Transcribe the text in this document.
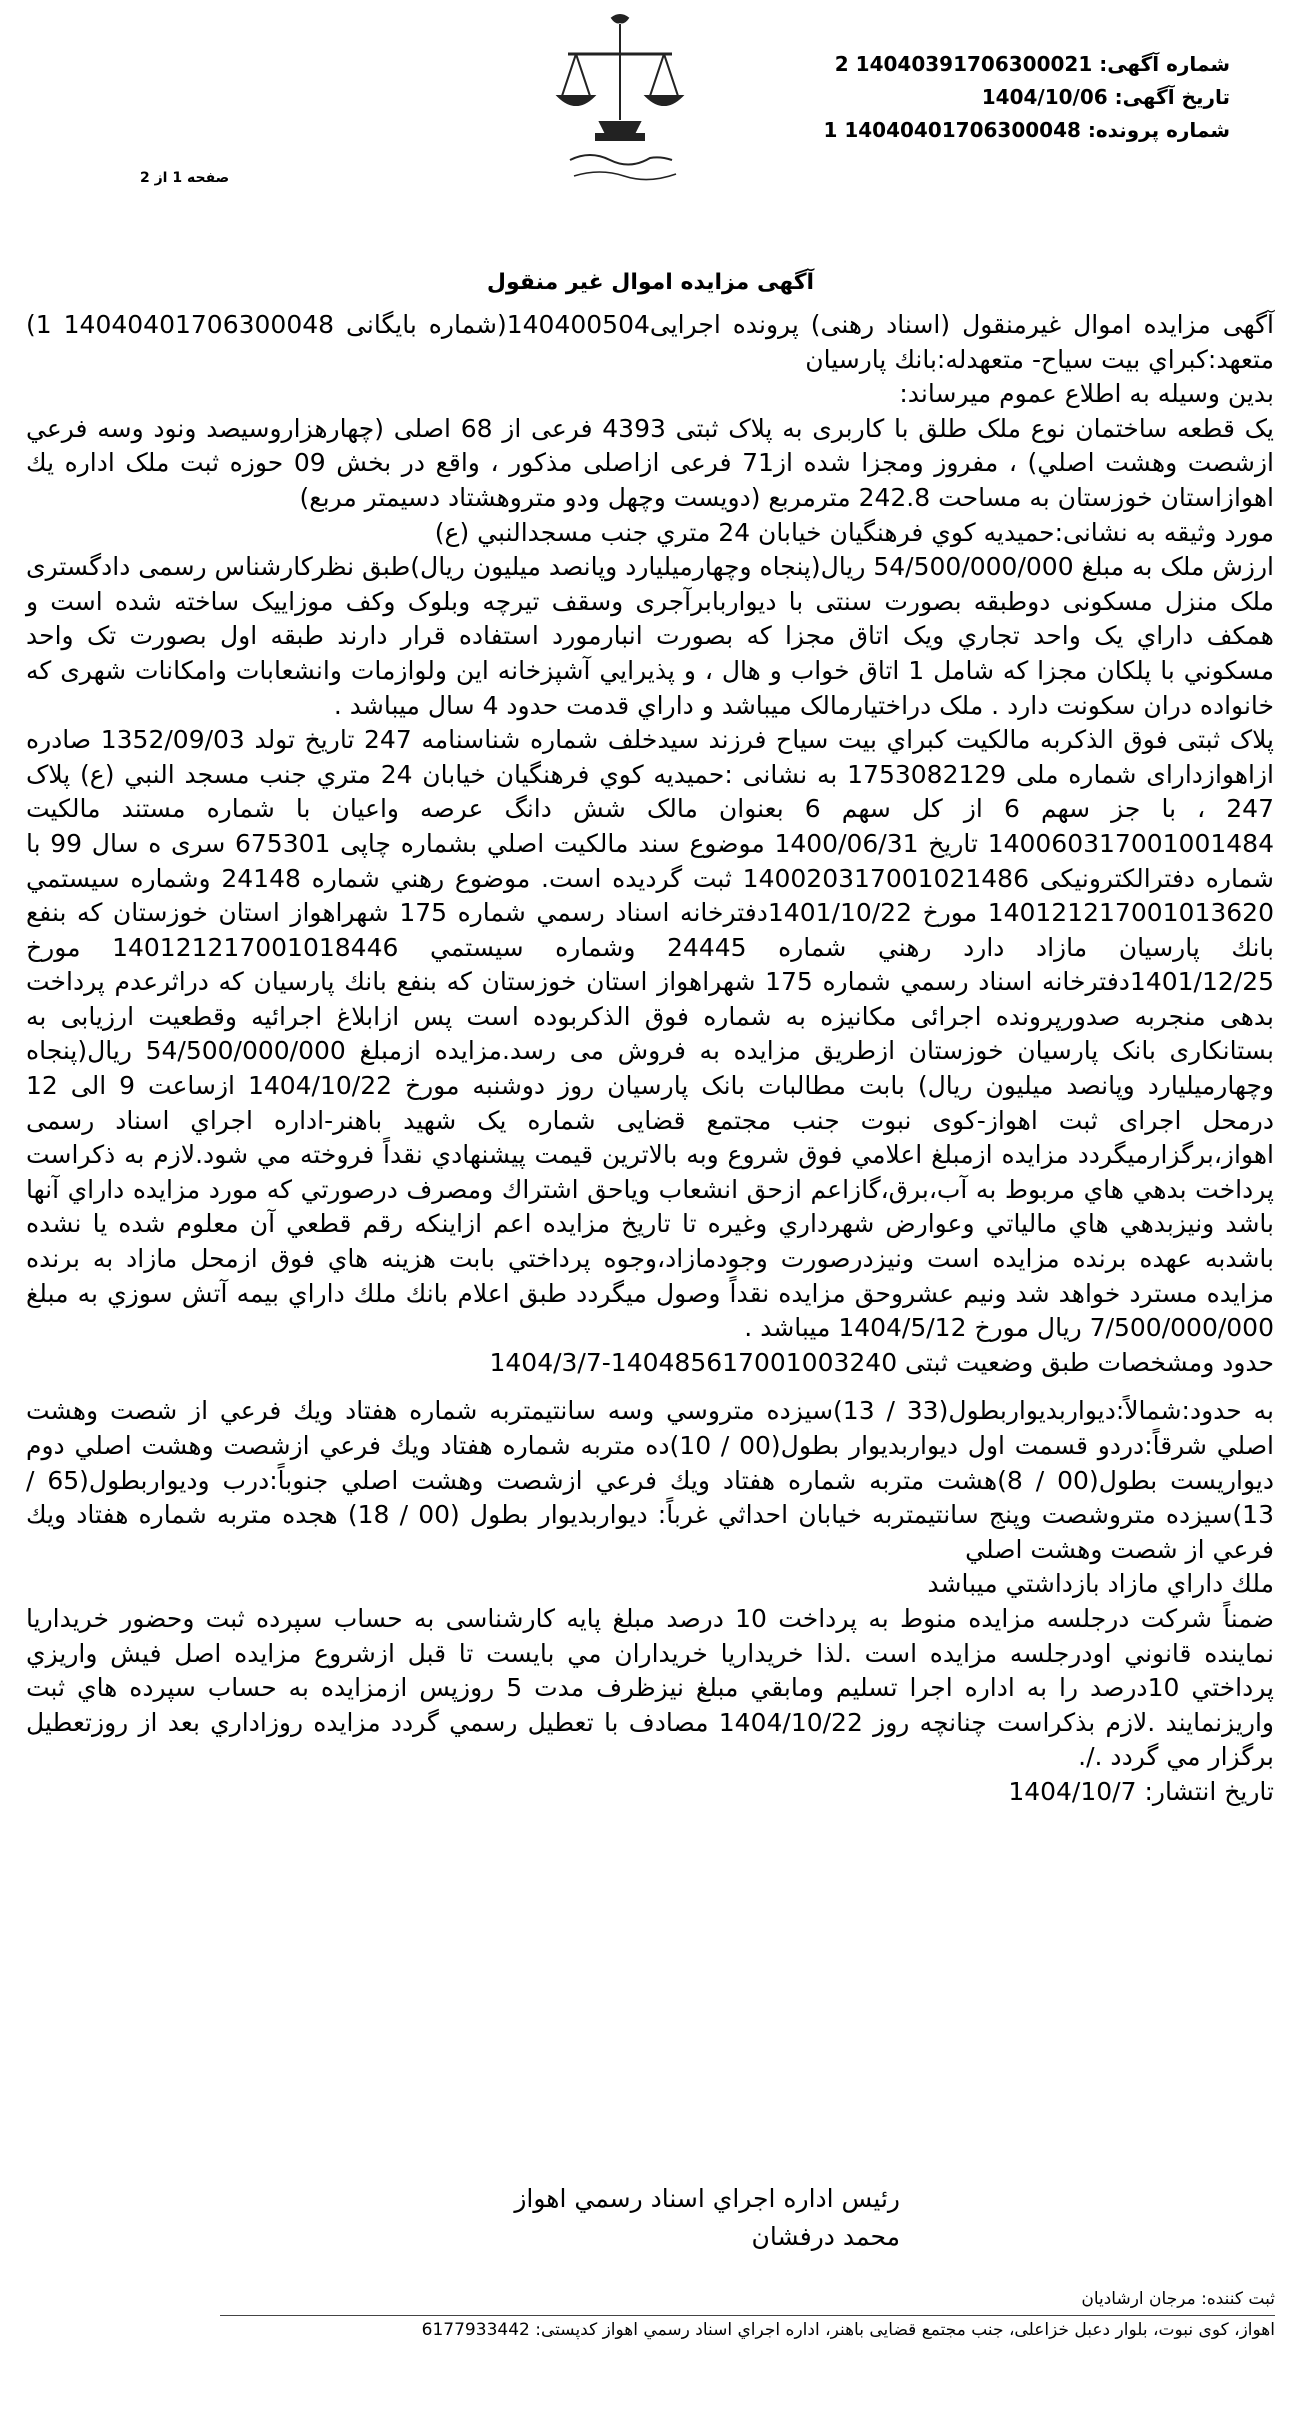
شماره آگهی: 14040391706300021 2
تاریخ آگهی: 1404/10/06
شماره پرونده: 14040401706300048 1
صفحه 1 از 2
آگهی مزایده اموال غیر منقول

آگهی مزایده اموال غیرمنقول (اسناد رهنی) پرونده اجرایی140400504(شماره بایگانی 14040401706300048 1) متعهد:کبراي بيت سياح- متعهدله:بانك پارسيان

بدین وسیله به اطلاع عموم میرساند:

یک قطعه ساختمان نوع ملک طلق با کاربری به پلاک ثبتی 4393 فرعی از 68 اصلی (چهارهزاروسیصد ونود وسه فرعي ازشصت وهشت اصلي) ، مفروز ومجزا شده از71 فرعی ازاصلی مذكور ، واقع در بخش 09 حوزه ثبت ملک اداره يك اهوازاستان خوزستان به مساحت 242.8 مترمربع (دويست وچهل ودو متروهشتاد دسيمتر مربع)

مورد وثیقه به نشانی:حمیدیه كوي فرهنگيان خيابان 24 متري جنب مسجدالنبي (ع)

ارزش ملک به مبلغ 54/500/000/000 ريال(پنجاه وچهارميليارد وپانصد ميليون ريال)طبق نظرکارشناس رسمی دادگستری ملک منزل مسکونی دوطبقه بصورت سنتی با دیواربابرآجری وسقف تیرچه وبلوک وکف موزاییک ساخته شده است و همکف داراي يک واحد تجاري ويک اتاق مجزا که بصورت انبارمورد استفاده قرار دارند طبقه اول بصورت تک واحد مسکوني با پلکان مجزا که شامل 1 اتاق خواب و هال ، و پذيرايي آشپزخانه این ولوازمات وانشعابات وامکانات شهری که خانواده دران سکونت دارد . ملک دراختیارمالک میباشد و داراي قدمت حدود 4 سال میباشد .

پلاک ثبتی فوق الذکربه مالکیت کبراي بيت سياح فرزند سیدخلف شماره شناسنامه 247 تاریخ تولد 1352/09/03 صادره ازاهوازدارای شماره ملی 1753082129 به نشانی :حمیدیه كوي فرهنگيان خيابان 24 متري جنب مسجد النبي (ع) پلاک 247 ، با جز سهم 6 از کل سهم 6 بعنوان مالک شش دانگ عرصه واعيان با شماره مستند مالکیت 140060317001001484 تاريخ 1400/06/31 موضوع سند مالکیت اصلي بشماره چاپی 675301 سری ه سال 99 با شماره دفترالکترونیکی 140020317001021486 ثبت گردیده است. موضوع رهني شماره 24148 وشماره سيستمي 140121217001013620 مورخ 1401/10/22دفترخانه اسناد رسمي شماره 175 شهراهواز استان خوزستان که بنفع بانك پارسيان مازاد دارد رهني شماره 24445 وشماره سيستمي 140121217001018446 مورخ 1401/12/25دفترخانه اسناد رسمي شماره 175 شهراهواز استان خوزستان که بنفع بانك پارسيان که دراثرعدم پرداخت بدهی منجربه صدورپرونده اجرائی مکانیزه به شماره فوق الذکربوده است پس ازابلاغ اجرائیه وقطعیت ارزیابی به بستانکاری بانک پارسیان خوزستان ازطریق مزایده به فروش می رسد.مزایده ازمبلغ 54/500/000/000 ريال(پنجاه وچهارميليارد وپانصد ميليون ريال) بابت مطالبات بانک پارسیان روز دوشنبه مورخ 1404/10/22 ازساعت 9 الی 12 درمحل اجرای ثبت اهواز-کوی نبوت جنب مجتمع قضایی شماره یک شهيد باهنر-اداره اجراي اسناد رسمی اهواز،برگزارمیگردد مزایده ازمبلغ اعلامي فوق شروع وبه بالاترين قيمت پيشنهادي نقداً فروخته مي شود.لازم به ذکراست پرداخت بدهي هاي مربوط به آب،برق،گازاعم ازحق انشعاب وياحق اشتراك ومصرف درصورتي كه مورد مزايده داراي آنها باشد ونيزبدهي هاي مالياتي وعوارض شهرداري وغيره تا تاريخ مزايده اعم ازاينكه رقم قطعي آن معلوم شده يا نشده باشدبه عهده برنده مزايده است ونيزدرصورت وجودمازاد،وجوه پرداختي بابت هزينه هاي فوق ازمحل مازاد به برنده مزايده مسترد خواهد شد ونيم عشروحق مزايده نقداً وصول ميگردد طبق اعلام بانك ملك داراي بيمه آتش سوزي به مبلغ 7/500/000/000 ريال مورخ 1404/5/12 ميباشد .

حدود ومشخصات طبق وضعیت ثبتی 140485617001003240-1404/3/7

به حدود:شمالاً:دیواربدیواربطول(33 / 13)سیزده متروسي وسه سانتيمتربه شماره هفتاد ويك فرعي از شصت وهشت اصلي شرقاً:دردو قسمت اول ديواربديوار بطول(00 / 10)ده متربه شماره هفتاد ويك فرعي ازشصت وهشت اصلي دوم ديواريست بطول(00 / 8)هشت متربه شماره هفتاد ويك فرعي ازشصت وهشت اصلي جنوباً:درب وديواربطول(65 / 13)سيزده متروشصت وپنج سانتيمتربه خيابان احداثي غرباً: ديواربديوار بطول (00 / 18) هجده متربه شماره هفتاد ويك فرعي از شصت وهشت اصلي

ملك داراي مازاد بازداشتي ميباشد

ضمناً شرکت درجلسه مزايده منوط به پرداخت 10 درصد مبلغ پایه کارشناسی به حساب سپرده ثبت وحضور خريداريا نماينده قانوني اودرجلسه مزايده است .لذا خريداريا خريداران مي بايست تا قبل ازشروع مزايده اصل فيش واريزي پرداختي 10درصد را به اداره اجرا تسليم ومابقي مبلغ نيزظرف مدت 5 روزپس ازمزايده به حساب سپرده هاي ثبت واريزنمايند .لازم بذكراست چنانچه روز 1404/10/22 مصادف با تعطيل رسمي گردد مزايده روزاداري بعد از روزتعطيل برگزار مي گردد ./.

تاریخ انتشار: 1404/10/7

رئیس اداره اجراي اسناد رسمي اهواز
محمد درفشان
ثبت کننده: مرجان ارشادیان
اهواز، کوی نبوت، بلوار دعبل خزاعلی، جنب مجتمع قضایی باهنر، اداره اجراي اسناد رسمي اهواز کدپستی: 6177933442
